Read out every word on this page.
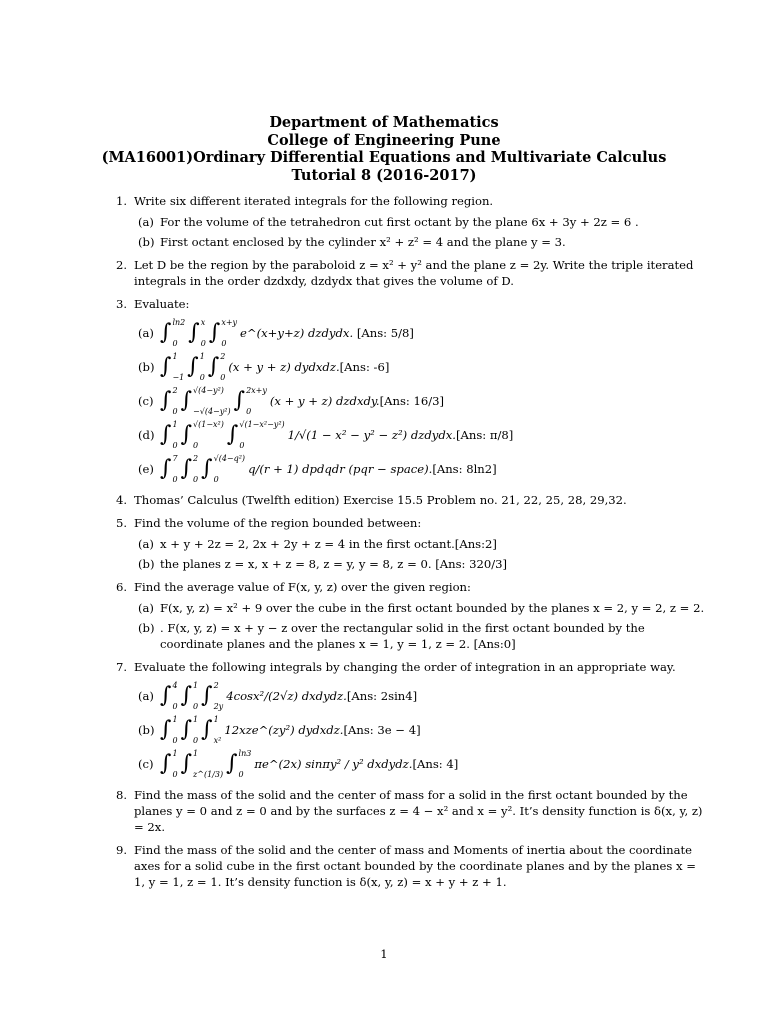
Department of Mathematics
College of Engineering Pune
(MA16001)Ordinary Differential Equations and Multivariate Calculus
Tutorial 8 (2016-2017)
1. Write six different iterated integrals for the following region.
(a) For the volume of the tetrahedron cut first octant by the plane 6x + 3y + 2z = 6 .
(b) First octant enclosed by the cylinder x² + z² = 4 and the plane y = 3.
2. Let D be the region by the paraboloid z = x² + y² and the plane z = 2y. Write the triple iterated integrals in the order dzdxdy, dzdydx that gives the volume of D.
3. Evaluate:
(a) ∫ ln2
0 ∫ x
0 ∫ x+y
0
e^(x+y+z) dzdydx.
[Ans: 5/8]
(b) ∫ 1
−1 ∫ 1
0 ∫ 2
0
(x + y + z) dydxdz. [Ans: -6]
(c) ∫ 2
0 ∫ √(4−y²)
−√(4−y²) ∫ 2x+y
0
(x + y + z) dzdxdy. [Ans: 16/3]
(d) ∫ 1
0 ∫ √(1−x²)
0	∫ √(1−x²−y²)
0
1/√(1 − x² − y² − z²) dzdydx. [Ans: π/8]
(e) ∫ 7
0 ∫ 2
0 ∫ √(4−q²)
0
q/(r + 1) dpdqdr (pqr − space). [Ans: 8ln2]
4. Thomas’ Calculus (Twelfth edition) Exercise 15.5 Problem no. 21, 22, 25, 28, 29,32.
5. Find the volume of the region bounded between:
(a) x + y + 2z = 2, 2x + 2y + z = 4 in the first octant.[Ans:2]
(b) the planes z = x, x + z = 8, z = y, y = 8, z = 0. [Ans: 320/3]
6. Find the average value of F(x, y, z) over the given region:
(a) F(x, y, z) = x² + 9 over the cube in the first octant bounded by the planes x = 2, y = 2, z = 2.
(b) . F(x, y, z) = x + y − z over the rectangular solid in the first octant bounded by the coordinate planes and the planes x = 1, y = 1, z = 2. [Ans:0]
7. Evaluate the following integrals by changing the order of integration in an appropriate way.
(a) ∫ 4
0 ∫ 1
0 ∫ 2
2y
4cosx²/(2√z) dxdydz. [Ans: 2sin4]
(b) ∫ 1
0 ∫ 1
0 ∫ 1
x²
12xze^(zy²) dydxdz. [Ans: 3e − 4]
(c) ∫ 1
0 ∫ 1
z^(1/3) ∫ ln3
0
πe^(2x) sinπy² / y² dxdydz. [Ans: 4]
8. Find the mass of the solid and the center of mass for a solid in the first octant bounded by the planes y = 0 and z = 0 and by the surfaces z = 4 − x² and x = y². It’s density function is δ(x, y, z) = 2x.
9. Find the mass of the solid and the center of mass and Moments of inertia about the coordinate axes for a solid cube in the first octant bounded by the coordinate planes and by the planes x = 1, y = 1, z = 1. It’s density function is δ(x, y, z) = x + y + z + 1.
1
